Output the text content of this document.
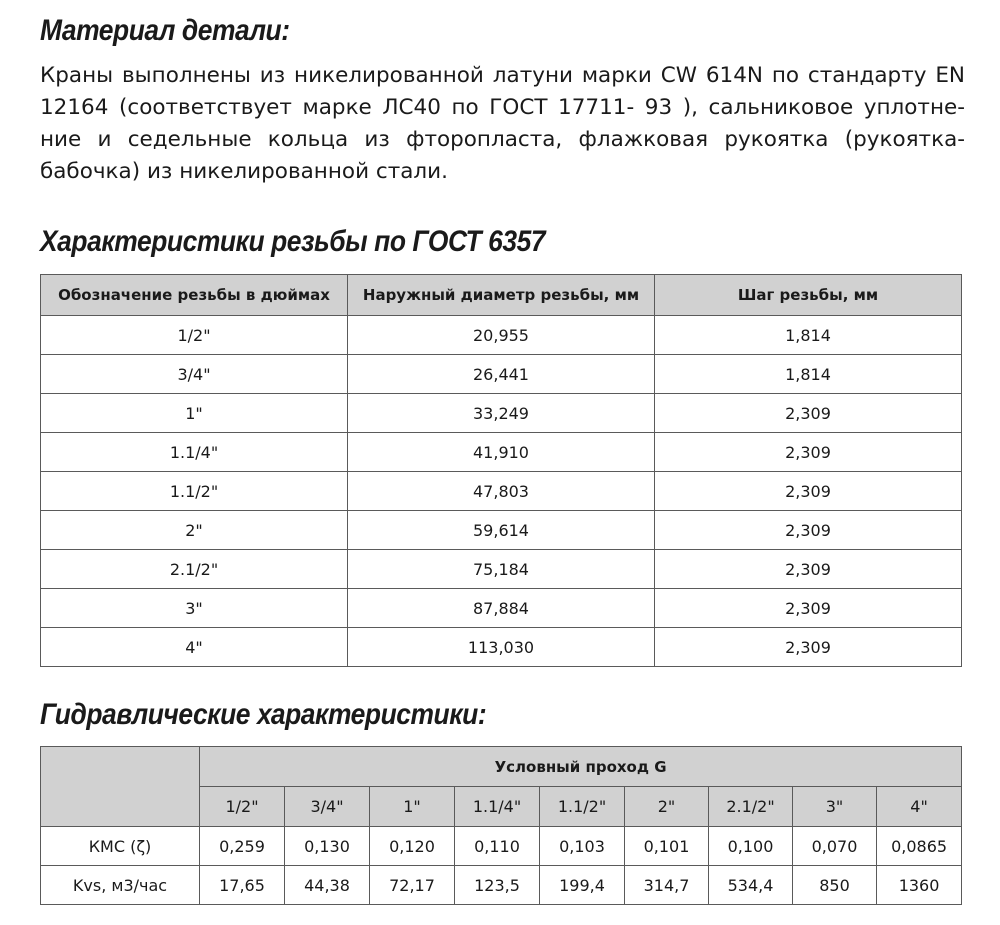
Материал детали:

Краны выполнены из никелированной латуни марки CW 614N по стандарту EN 12164 (соответствует марке ЛС40 по ГОСТ 17711- 93 ), сальниковое уплотне- ние и седельные кольца из фторопласта, флажковая рукоятка (рукоятка-бабочка) из никелированной стали.

Характеристики резьбы по ГОСТ 6357
Обозначение резьбы в дюймах	Наружный диаметр резьбы, мм	Шаг резьбы, мм
1/2"	20,955	1,814
3/4"	26,441	1,814
1"	33,249	2,309
1.1/4"	41,910	2,309
1.1/2"	47,803	2,309
2"	59,614	2,309
2.1/2"	75,184	2,309
3"	87,884	2,309
4"	113,030	2,309
Гидравлические характеристики:
	Условный проход G								
	1/2"	3/4"	1"	1.1/4"	1.1/2"	2"	2.1/2"	3"	4"
КМС (ζ)	0,259	0,130	0,120	0,110	0,103	0,101	0,100	0,070	0,0865
Kvs, м3/час	17,65	44,38	72,17	123,5	199,4	314,7	534,4	850	1360
